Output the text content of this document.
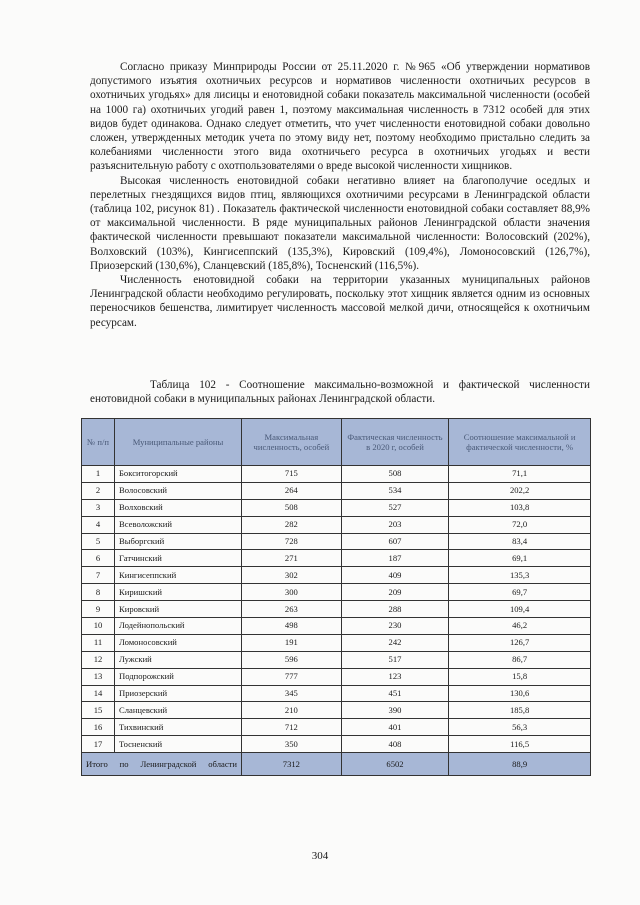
Согласно приказу Минприроды России от 25.11.2020 г. №965 «Об утверждении нормативов допустимого изъятия охотничьих ресурсов и нормативов численности охотничьих ресурсов в охотничьих угодьях» для лисицы и енотовидной собаки показатель максимальной численности (особей на 1000 га) охотничьих угодий равен 1, поэтому максимальная численность в 7312 особей для этих видов будет одинакова. Однако следует отметить, что учет численности енотовидной собаки довольно сложен, утвержденных методик учета по этому виду нет, поэтому необходимо пристально следить за колебаниями численности этого вида охотничьего ресурса в охотничьих угодьях и вести разъяснительную работу с охотпользователями о вреде высокой численности хищников.

Высокая численность енотовидной собаки негативно влияет на благополучие оседлых и перелетных гнездящихся видов птиц, являющихся охотничими ресурсами в Ленинградской области (таблица 102, рисунок 81) . Показатель фактической численности енотовидной собаки составляет 88,9% от максимальной численности. В ряде муниципальных районов Ленинградской области значения фактической численности превышают показатели максимальной численности: Волосовский (202%), Волховский (103%), Кингисеппский (135,3%), Кировский (109,4%), Ломоносовский (126,7%), Приозерский (130,6%), Сланцевский (185,8%), Тосненский (116,5%).

Численность енотовидной собаки на территории указанных муниципальных районов Ленинградской области необходимо регулировать, поскольку этот хищник является одним из основных переносчиков бешенства, лимитирует численность массовой мелкой дичи, относящейся к охотничьим ресурсам.

Таблица 102 - Соотношение максимально-возможной и фактической численности енотовидной собаки в муниципальных районах Ленинградской области.
№ п/п	Муниципальные районы	Максимальная численность, особей	Фактическая численность в 2020 г, особей	Соотношение максимальной и фактической численности, %
1	Бокситогорский	715	508	71,1
2	Волосовский	264	534	202,2
3	Волховский	508	527	103,8
4	Всеволожский	282	203	72,0
5	Выборгский	728	607	83,4
6	Гатчинский	271	187	69,1
7	Кингисеппский	302	409	135,3
8	Киришский	300	209	69,7
9	Кировский	263	288	109,4
10	Лодейнопольский	498	230	46,2
11	Ломоносовский	191	242	126,7
12	Лужский	596	517	86,7
13	Подпорожский	777	123	15,8
14	Приозерский	345	451	130,6
15	Сланцевский	210	390	185,8
16	Тихвинский	712	401	56,3
17	Тосненский	350	408	116,5
Итого по Ленинградской области		7312	6502	88,9
304
